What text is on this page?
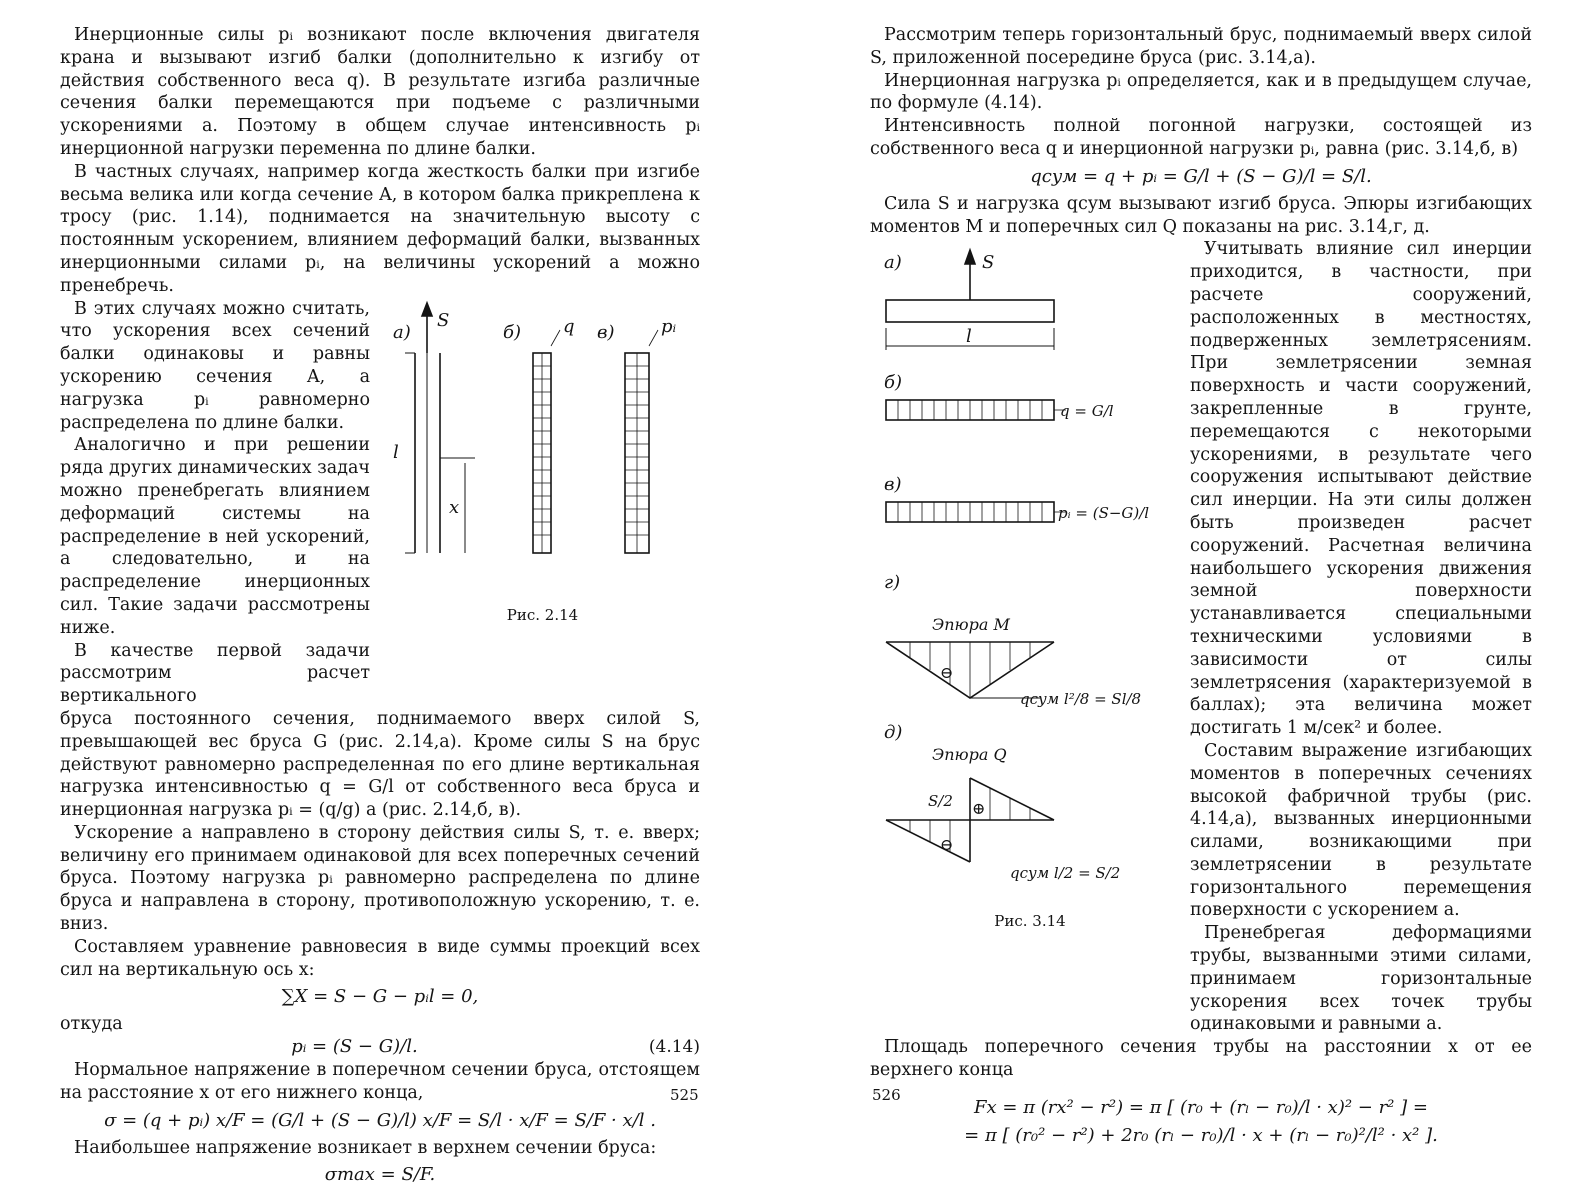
Инерционные силы pᵢ возникают после включения двигателя крана и вызывают изгиб балки (дополнительно к изгибу от действия собственного веса q). В результате изгиба различные сечения балки перемещаются при подъеме с различными ускорениями a. Поэтому в общем случае интенсивность pᵢ инерционной нагрузки переменна по длине балки.

В частных случаях, например когда жесткость балки при изгибе весьма велика или когда сечение A, в котором балка прикреплена к тросу (рис. 1.14), поднимается на значительную высоту с постоянным ускорением, влиянием деформаций балки, вызванных инерционными силами pᵢ, на величины ускорений a можно пренебречь.

В этих случаях можно считать, что ускорения всех сечений балки одинаковы и равны ускорению сечения A, а нагрузка pᵢ равномерно распределена по длине балки.

Аналогично и при решении ряда других динамических задач можно пренебрегать влиянием деформаций системы на распределение в ней ускорений, а следовательно, и на распределение инерционных сил. Такие задачи рассмотрены ниже.

В качестве первой задачи рассмотрим расчет вертикального

а)
S
б) q в)	pᵢ
l
x
Рис. 2.14

бруса постоянного сечения, поднимаемого вверх силой S, превышающей вес бруса G (рис. 2.14,а). Кроме силы S на брус действуют равномерно распределенная по его длине вертикальная нагрузка интенсивностью q = G/l от собственного веса бруса и инерционная нагрузка pᵢ = (q/g) a (рис. 2.14,б, в).

Ускорение a направлено в сторону действия силы S, т. е. вверх; величину его принимаем одинаковой для всех поперечных сечений бруса. Поэтому нагрузка pᵢ равномерно распределена по длине бруса и направлена в сторону, противоположную ускорению, т. е. вниз.

Составляем уравнение равновесия в виде суммы проекций всех сил на вертикальную ось x:

∑X = S − G − pᵢl = 0,

откуда

pᵢ = (S − G)/l.	(4.14)

Нормальное напряжение в поперечном сечении бруса, отстоящем на расстояние x от его нижнего конца,

σ = (q + pᵢ) x/F = (G/l + (S − G)/l) x/F = S/l · x/F = S/F · x/l .

Наибольшее напряжение возникает в верхнем сечении бруса:

σmax = S/F.
525

Рассмотрим теперь горизонтальный брус, поднимаемый вверх силой S, приложенной посередине бруса (рис. 3.14,а).

Инерционная нагрузка pᵢ определяется, как и в предыдущем случае, по формуле (4.14).

Интенсивность полной погонной нагрузки, состоящей из собственного веса q и инерционной нагрузки pᵢ, равна (рис. 3.14,б, в)

qсум = q + pᵢ = G/l + (S − G)/l = S/l.

Сила S и нагрузка qсум вызывают изгиб бруса. Эпюры изгибающих моментов M и поперечных сил Q показаны на рис. 3.14,г, д.

а)	S
l
б)
q = G/l
в)
pᵢ = (S−G)/l
г)
Эпюра M
qсум l²/8 = Sl/8
д)
Эпюра Q
S/2
qсум l/2 = S/2
⊕
⊖
⊖
Рис. 3.14

Учитывать влияние сил инерции приходится, в частности, при расчете сооружений, расположенных в местностях, подверженных землетрясениям. При землетрясении земная поверхность и части сооружений, закрепленные в грунте, перемещаются с некоторыми ускорениями, в результате чего сооружения испытывают действие сил инерции. На эти силы должен быть произведен расчет сооружений. Расчетная величина наибольшего ускорения движения земной поверхности устанавливается специальными техническими условиями в зависимости от силы землетрясения (характеризуемой в баллах); эта величина может достигать 1 м/сек² и более.

Составим выражение изгибающих моментов в поперечных сечениях высокой фабричной трубы (рис. 4.14,а), вызванных инерционными силами, возникающими при землетрясении в результате горизонтального перемещения поверхности с ускорением a.

Пренебрегая деформациями трубы, вызванными этими силами, принимаем горизонтальные ускорения всех точек трубы одинаковыми и равными a.

Площадь поперечного сечения трубы на расстоянии x от ее верхнего конца

Fx = π (rx² − r²) = π [ (r₀ + (rₗ − r₀)/l · x)² − r² ] =
= π [ (r₀² − r²) + 2r₀ (rₗ − r₀)/l · x + (rₗ − r₀)²/l² · x² ].
526
